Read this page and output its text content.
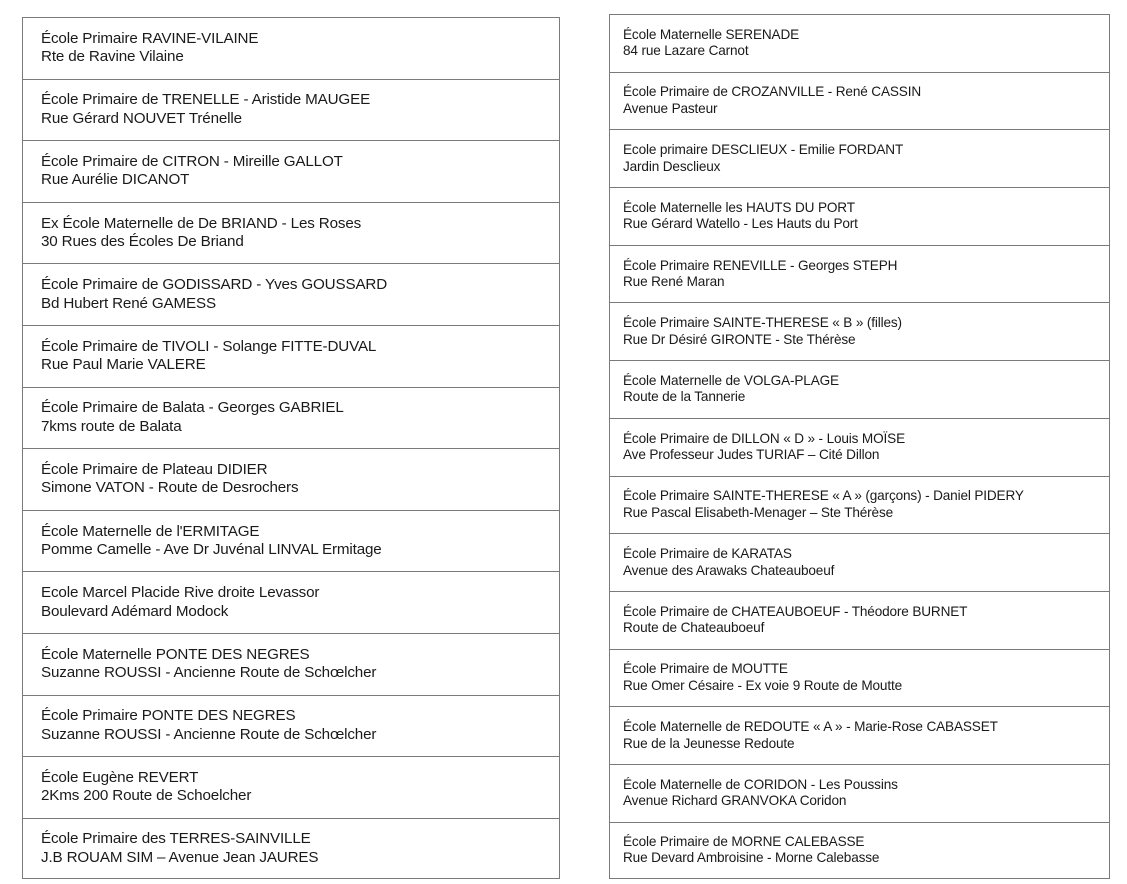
École Primaire RAVINE-VILAINE
Rte de Ravine Vilaine
École Primaire de TRENELLE - Aristide MAUGEE
Rue Gérard NOUVET Trénelle
École Primaire de CITRON - Mireille GALLOT
Rue Aurélie DICANOT
Ex École Maternelle de De BRIAND - Les Roses
30 Rues des Écoles De Briand
École Primaire de GODISSARD - Yves GOUSSARD
Bd Hubert René GAMESS
École Primaire de TIVOLI - Solange FITTE-DUVAL
Rue Paul Marie VALERE
École Primaire de Balata - Georges GABRIEL
7kms route de Balata
École Primaire de Plateau DIDIER
Simone VATON - Route de Desrochers
École Maternelle de l'ERMITAGE
Pomme Camelle - Ave Dr Juvénal LINVAL Ermitage
Ecole Marcel Placide Rive droite Levassor
Boulevard Adémard Modock
École Maternelle PONTE DES NEGRES
Suzanne ROUSSI - Ancienne Route de Schœlcher
École Primaire PONTE DES NEGRES
Suzanne ROUSSI - Ancienne Route de Schœlcher
École Eugène REVERT
2Kms 200 Route de Schoelcher
École Primaire des TERRES-SAINVILLE
J.B ROUAM SIM – Avenue Jean JAURES
École Maternelle SERENADE
84 rue Lazare Carnot
École Primaire de CROZANVILLE - René CASSIN
Avenue Pasteur
Ecole primaire DESCLIEUX - Emilie FORDANT
Jardin Desclieux
École Maternelle les HAUTS DU PORT
Rue Gérard Watello - Les Hauts du Port
École Primaire RENEVILLE - Georges STEPH
Rue René Maran
École Primaire SAINTE-THERESE « B » (filles)
Rue Dr Désiré GIRONTE - Ste Thérèse
École Maternelle de VOLGA-PLAGE
Route de la Tannerie
École Primaire de DILLON « D » - Louis MOÏSE
Ave Professeur Judes TURIAF – Cité Dillon
École Primaire SAINTE-THERESE « A » (garçons) - Daniel PIDERY
Rue Pascal Elisabeth-Menager – Ste Thérèse
École Primaire de KARATAS
Avenue des Arawaks Chateauboeuf
École Primaire de CHATEAUBOEUF - Théodore BURNET
Route de Chateauboeuf
École Primaire de MOUTTE
Rue Omer Césaire - Ex voie 9 Route de Moutte
École Maternelle de REDOUTE « A » - Marie-Rose CABASSET
Rue de la Jeunesse Redoute
École Maternelle de CORIDON - Les Poussins
Avenue Richard GRANVOKA Coridon
École Primaire de MORNE CALEBASSE
Rue Devard Ambroisine - Morne Calebasse
